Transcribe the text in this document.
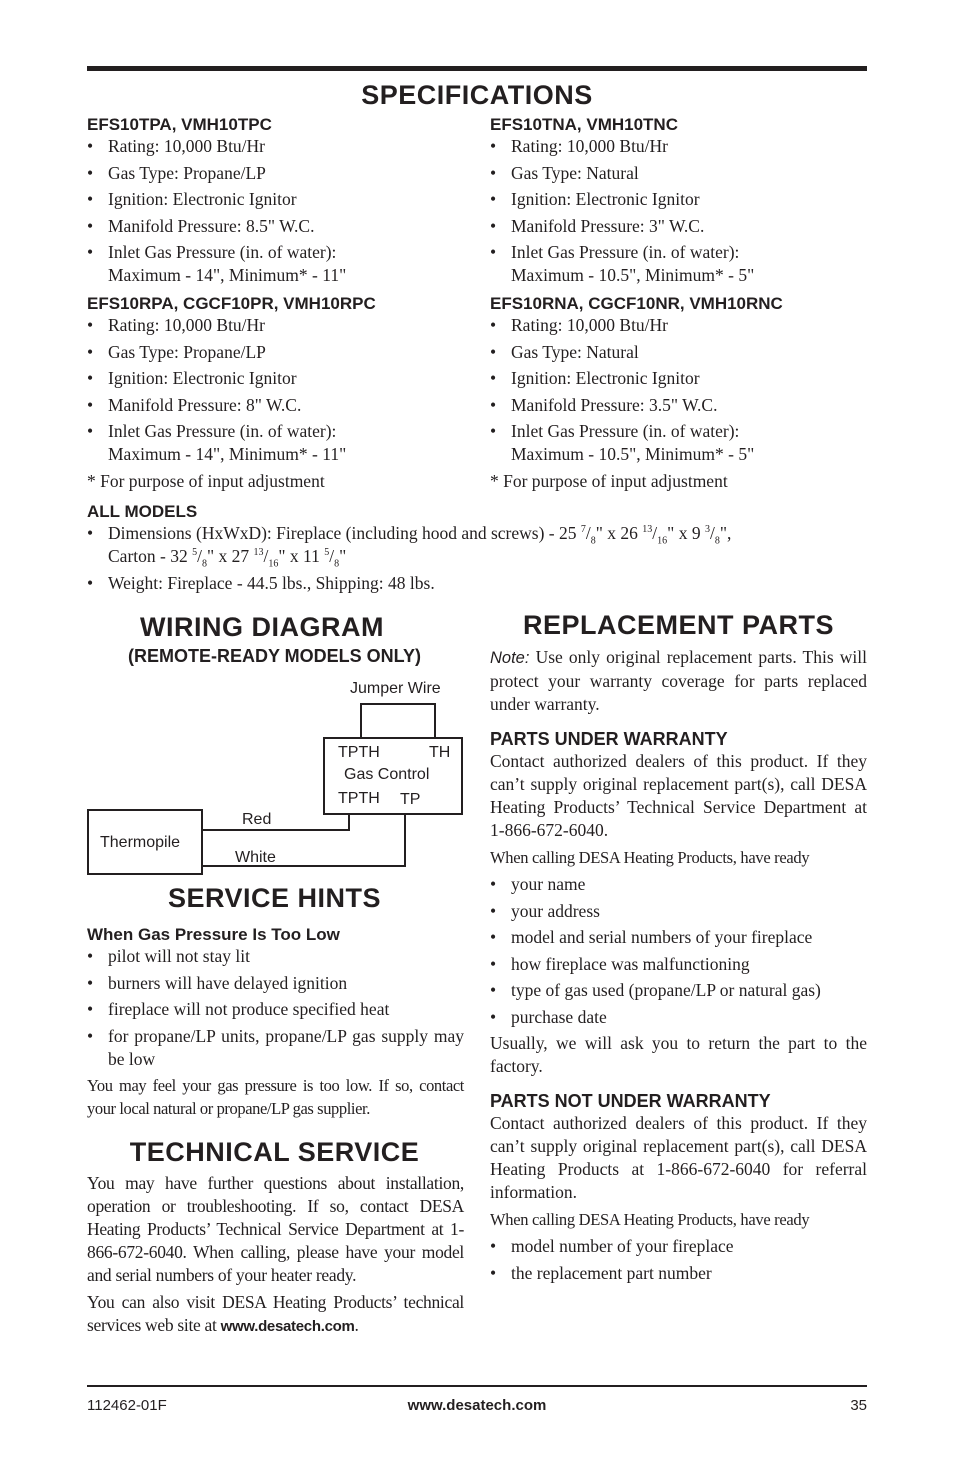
SPECIFICATIONS
EFS10TPA, VMH10TPC
• Rating: 10,000 Btu/Hr
• Gas Type: Propane/LP
• Ignition: Electronic Ignitor
• Manifold Pressure: 8.5" W.C.
• Inlet Gas Pressure (in. of water):
Maximum - 14", Minimum* - 11"
EFS10RPA, CGCF10PR, VMH10RPC
• Rating: 10,000 Btu/Hr
• Gas Type: Propane/LP
• Ignition: Electronic Ignitor
• Manifold Pressure: 8" W.C.
• Inlet Gas Pressure (in. of water):
Maximum - 14", Minimum* - 11"
* For purpose of input adjustment
EFS10TNA, VMH10TNC
• Rating: 10,000 Btu/Hr
• Gas Type: Natural
• Ignition: Electronic Ignitor
• Manifold Pressure: 3" W.C.
• Inlet Gas Pressure (in. of water):
Maximum - 10.5", Minimum* - 5"
EFS10RNA, CGCF10NR, VMH10RNC
• Rating: 10,000 Btu/Hr
• Gas Type: Natural
• Ignition: Electronic Ignitor
• Manifold Pressure: 3.5" W.C.
• Inlet Gas Pressure (in. of water):
Maximum - 10.5", Minimum* - 5"
* For purpose of input adjustment
ALL MODELS
• Dimensions (HxWxD): Fireplace (including hood and screws) - 25 $^7/_8$" x 26 $^{13}/_{16}$" x 9 $^3/_8$",
Carton - 32 $^5/_8$" x 27 $^{13}/_{16}$" x 11 $^5/_8$"
• Weight: Fireplace - 44.5 lbs., Shipping: 48 lbs.
WIRING DIAGRAM
(REMOTE-READY MODELS ONLY)
Jumper Wire
TPTH	TH
Gas Control
TPTH TP
Red
Thermopile
White
SERVICE HINTS
When Gas Pressure Is Too Low
• pilot will not stay lit
• burners will have delayed ignition
• fireplace will not produce specified heat
• for propane/LP units, propane/LP gas supply may be low

You may feel your gas pressure is too low. If so, contact your local natural or propane/LP gas supplier.

TECHNICAL SERVICE

You may have further questions about installation, operation or troubleshooting. If so, contact DESA Heating Products’ Technical Service Department at 1-866-672-6040. When calling, please have your model and serial numbers of your heater ready.

You can also visit DESA Heating Products’ technical services web site at www.desatech.com.

REPLACEMENT PARTS

Note: Use only original replacement parts. This will protect your warranty coverage for parts replaced under warranty.

PARTS UNDER WARRANTY

Contact authorized dealers of this product. If they can’t supply original replacement part(s), call DESA Heating Products’ Technical Service Department at 1-866-672-6040.

When calling DESA Heating Products, have ready

• your name
• your address
• model and serial numbers of your fireplace
• how fireplace was malfunctioning
• type of gas used (propane/LP or natural gas)
• purchase date

Usually, we will ask you to return the part to the factory.

PARTS NOT UNDER WARRANTY

Contact authorized dealers of this product. If they can’t supply original replacement part(s), call DESA Heating Products at 1-866-672-6040 for referral information.

When calling DESA Heating Products, have ready

• model number of your fireplace
• the replacement part number
112462-01F	www.desatech.com	35
